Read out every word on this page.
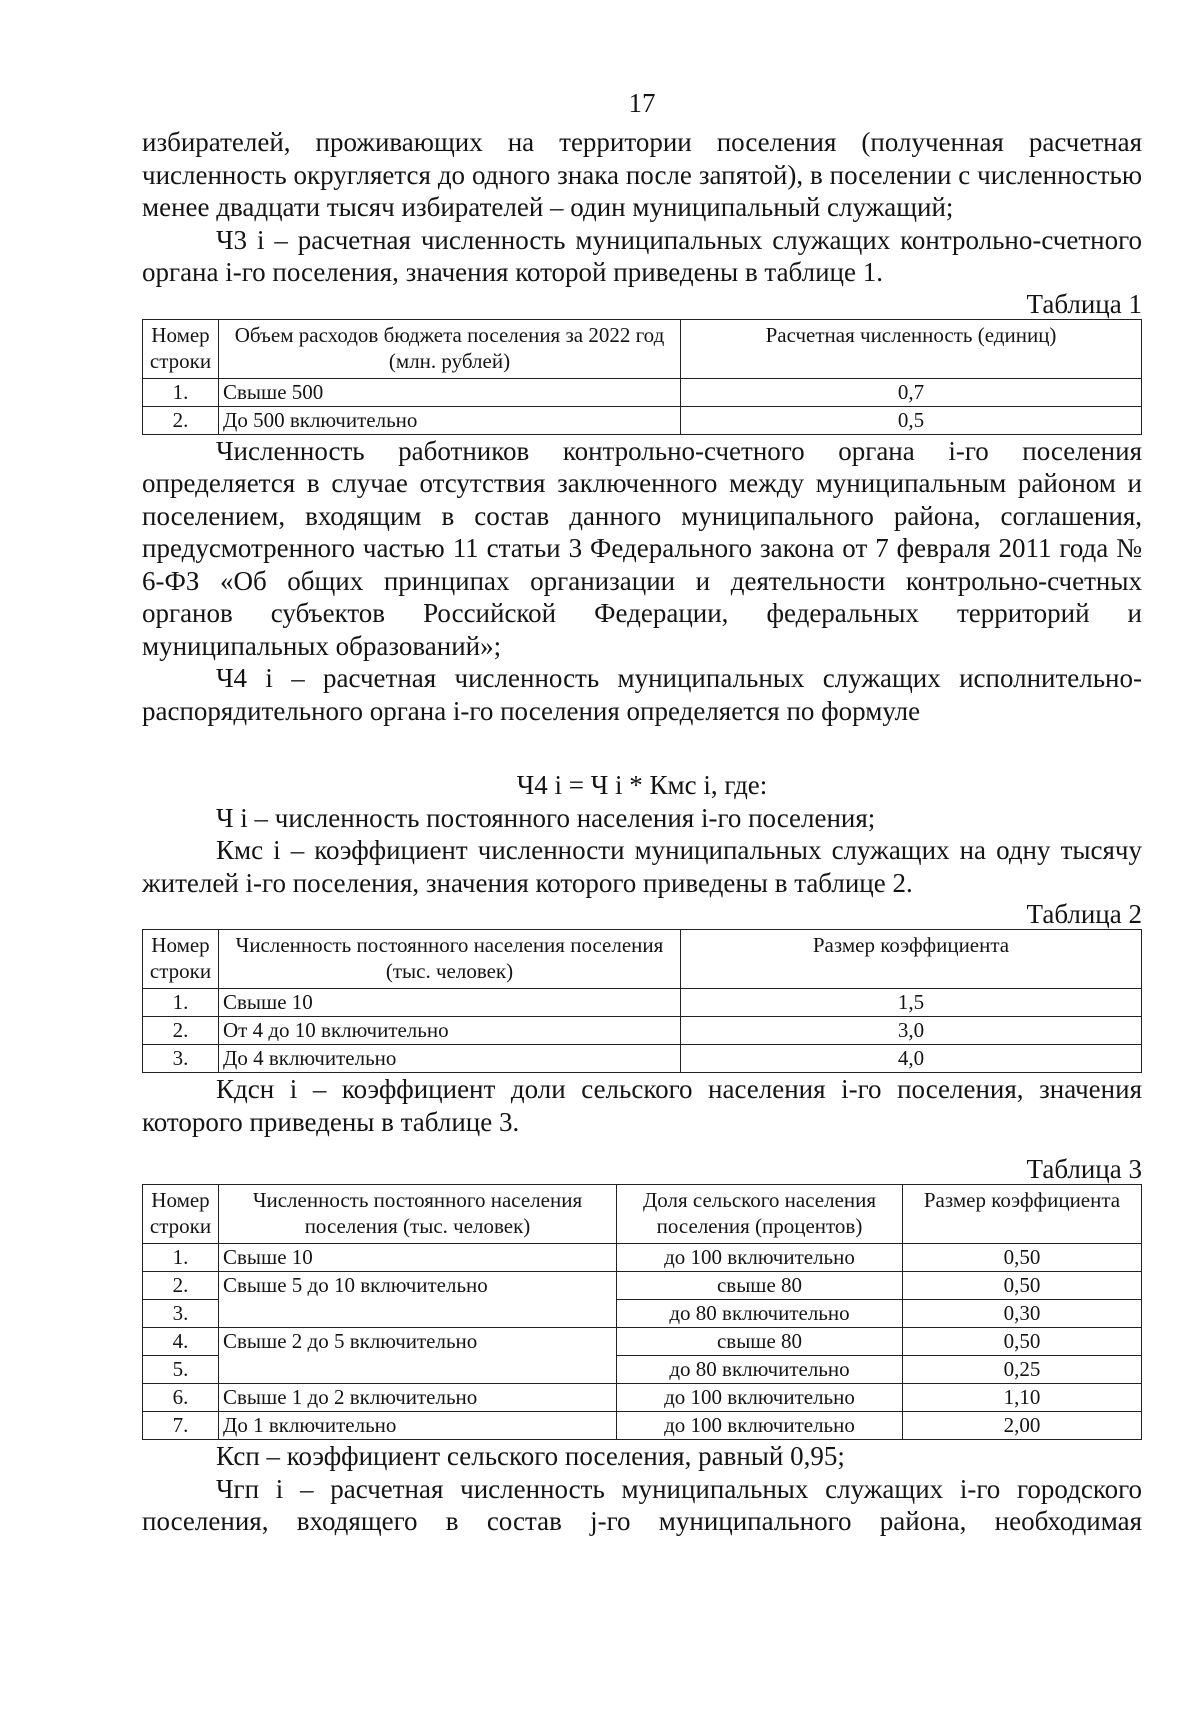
17

избирателей, проживающих на территории поселения (полученная расчетная численность округляется до одного знака после запятой), в поселении с численностью менее двадцати тысяч избирателей – один муниципальный служащий;

Ч3 i – расчетная численность муниципальных служащих контрольно-счетного органа i-го поселения, значения которой приведены в таблице 1.

Таблица 1
Номер строки	Объем расходов бюджета поселения за 2022 год (млн. рублей)	Расчетная численность (единиц)
1.	Свыше 500	0,7
2.	До 500 включительно	0,5

Численность работников контрольно-счетного органа i-го поселения определяется в случае отсутствия заключенного между муниципальным районом и поселением, входящим в состав данного муниципального района, соглашения, предусмотренного частью 11 статьи 3 Федерального закона от 7 февраля 2011 года № 6-ФЗ «Об общих принципах организации и деятельности контрольно-счетных органов субъектов Российской Федерации, федеральных территорий и муниципальных образований»;

Ч4 i – расчетная численность муниципальных служащих исполнительно-распорядительного органа i-го поселения определяется по формуле

Ч4 i = Ч i * Кмс i, где:

Ч i – численность постоянного населения i-го поселения;

Кмс i – коэффициент численности муниципальных служащих на одну тысячу жителей i-го поселения, значения которого приведены в таблице 2.

Таблица 2
Номер строки	Численность постоянного населения поселения (тыс. человек)	Размер коэффициента
1.	Свыше 10	1,5
2.	От 4 до 10 включительно	3,0
3.	До 4 включительно	4,0

Кдсн i – коэффициент доли сельского населения i-го поселения, значения которого приведены в таблице 3.

Таблица 3
Номер строки	Численность постоянного населения поселения (тыс. человек)	Доля сельского населения поселения (процентов)	Размер коэффициента
1.	Свыше 10	до 100 включительно	0,50
2.	Свыше 5 до 10 включительно	свыше 80	0,50
3.		до 80 включительно	0,30
4.	Свыше 2 до 5 включительно	свыше 80	0,50
5.		до 80 включительно	0,25
6.	Свыше 1 до 2 включительно	до 100 включительно	1,10
7.	До 1 включительно	до 100 включительно	2,00

Ксп – коэффициент сельского поселения, равный 0,95;

Чгп i – расчетная численность муниципальных служащих i-го городского поселения, входящего в состав j-го муниципального района, необходимая
